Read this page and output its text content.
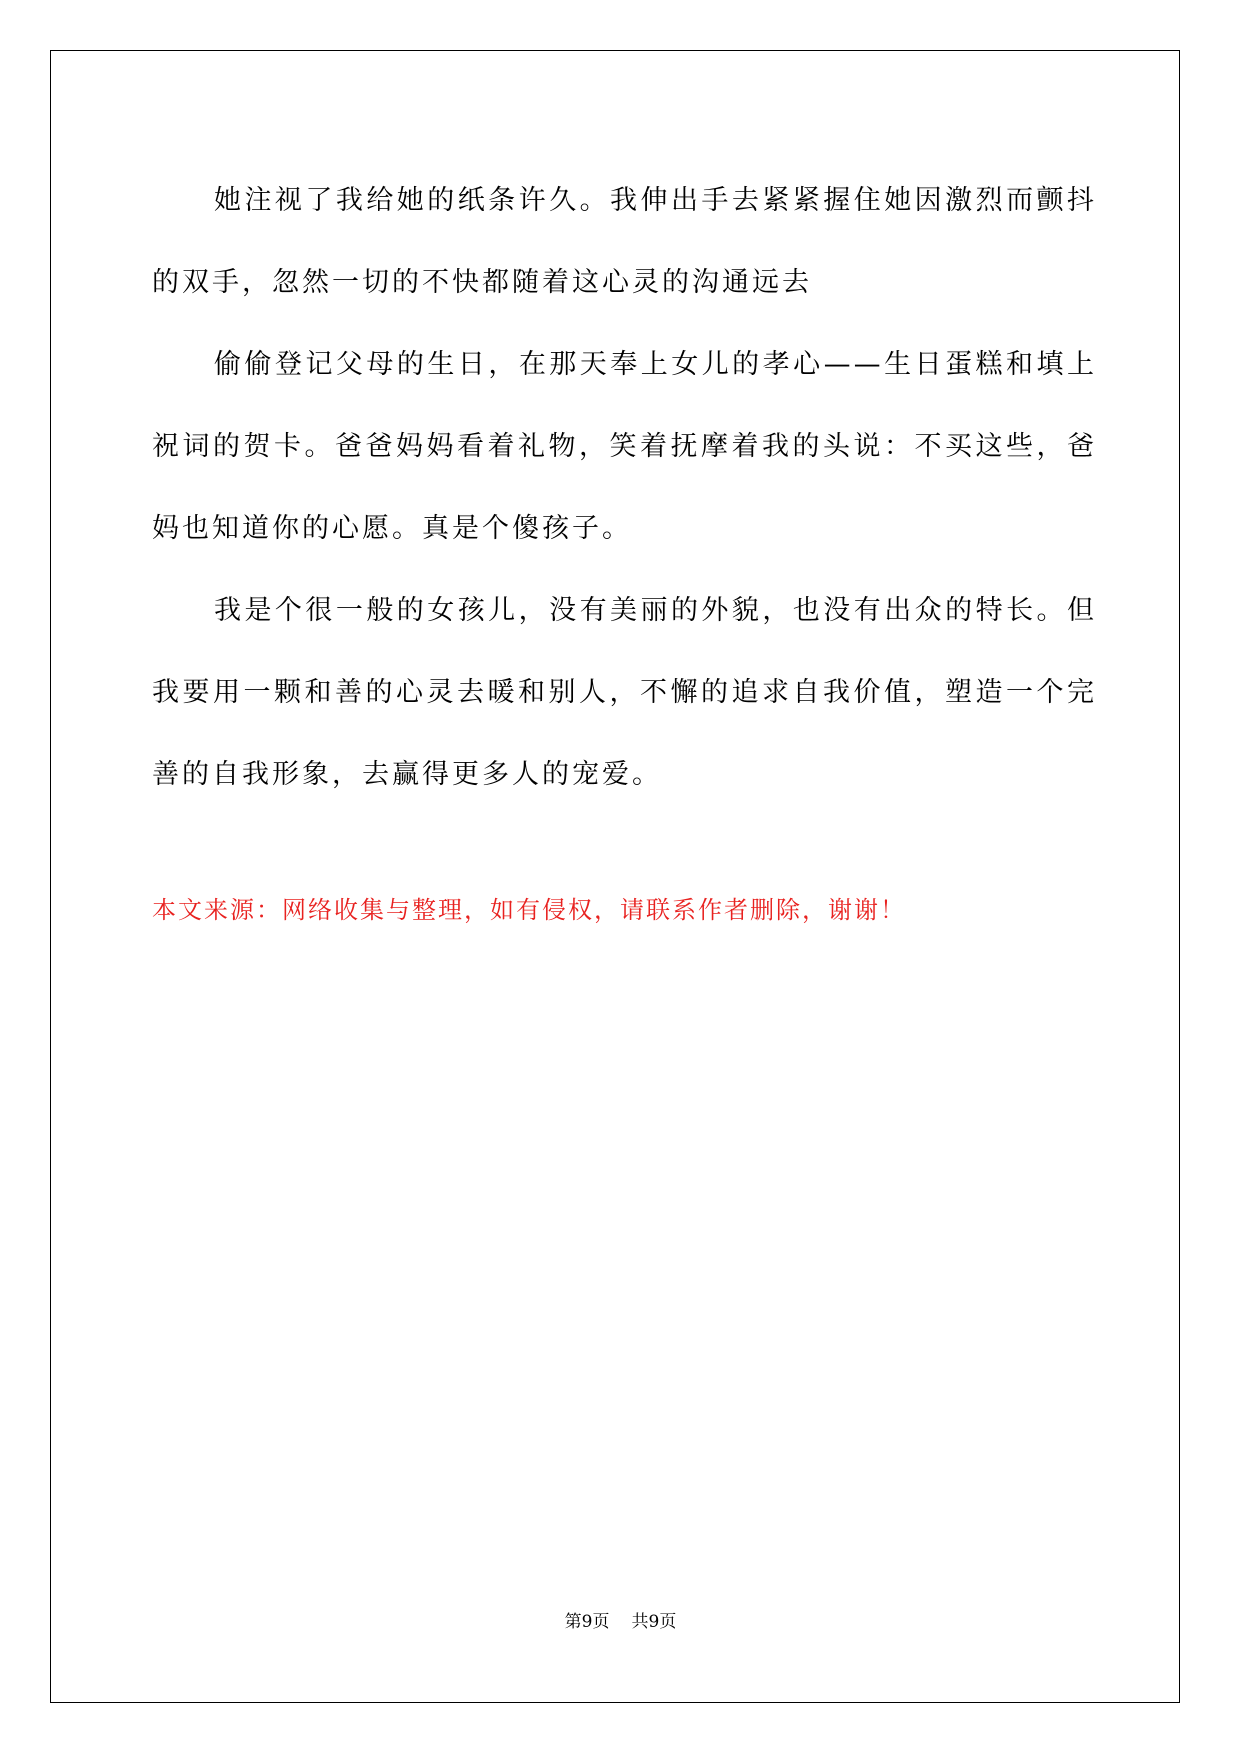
她注视了我给她的纸条许久。我伸出手去紧紧握住她因激烈而颤抖的双手，忽然一切的不快都随着这心灵的沟通远去

偷偷登记父母的生日，在那天奉上女儿的孝心——生日蛋糕和填上祝词的贺卡。爸爸妈妈看着礼物，笑着抚摩着我的头说：不买这些，爸妈也知道你的心愿。真是个傻孩子。

我是个很一般的女孩儿，没有美丽的外貌，也没有出众的特长。但我要用一颗和善的心灵去暖和别人，不懈的追求自我价值，塑造一个完善的自我形象，去赢得更多人的宠爱。

本文来源：网络收集与整理，如有侵权，请联系作者删除，谢谢！

第9页 共9页
